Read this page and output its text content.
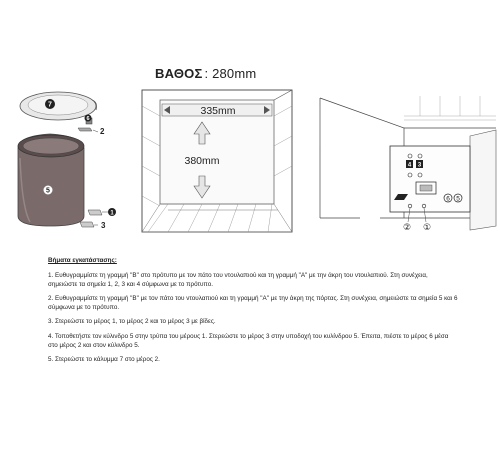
ΒΑΘΟΣ : 280mm
7
6
2
5
1
3
335mm
380mm	4 3
6 5
② ①
Βήματα εγκατάστασης:
1. Ευθυγραμμίστε τη γραμμή "Β" στο πρότυπο με τον πάτο του ντουλαπιού και τη γραμμή "Α" με την άκρη του ντουλαπιού. Στη συνέχεια, σημειώστε τα σημεία 1, 2, 3 και 4 σύμφωνα με το πρότυπο.
2. Ευθυγραμμίστε τη γραμμή "Β" με τον πάτο του ντουλαπιού και τη γραμμή "Α" με την άκρη της πόρτας. Στη συνέχεια, σημειώστε τα σημεία 5 και 6 σύμφωνα με το πρότυπο.
3. Στερεώστε το μέρος 1, το μέρος 2 και το μέρος 3 με βίδες.
4. Τοποθετήστε τον κύλινδρο 5 στην τρύπα του μέρους 1. Στερεώστε το μέρος 3 στην υποδοχή του κυλίνδρου 5. Έπειτα, πιέστε το μέρος 6 μέσα στο μέρος 2 και στον κύλινδρο 5.
5. Στερεώστε το κάλυμμα 7 στο μέρος 2.
